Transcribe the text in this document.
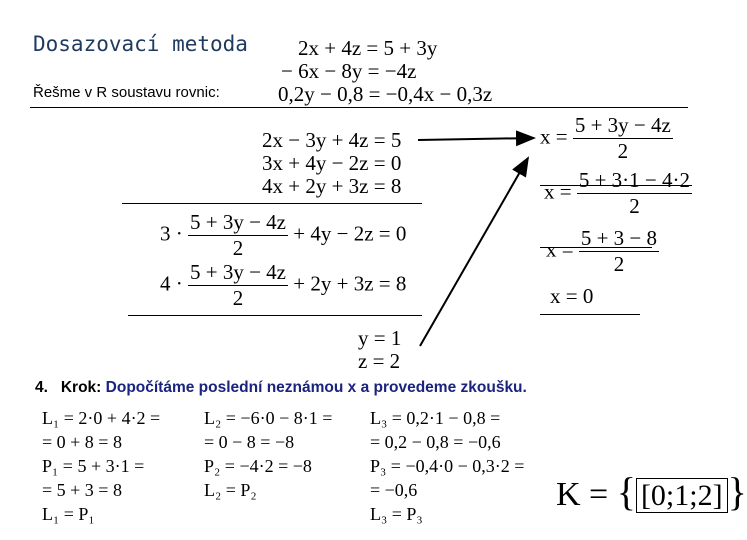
Dosazovací metoda
Řešme v R soustavu rovnic:
2x + 4z = 5 + 3y
− 6x − 8y = −4z
0,2y − 0,8 = −0,4x − 0,3z
2x − 3y + 4z = 5
3x + 4y − 2z = 0
4x + 2y + 3z = 8
$3 \cdot \frac{5 + 3y - 4z}{2} + 4y - 2z = 0$
$4 \cdot \frac{5 + 3y - 4z}{2} + 2y + 3z = 8$
y = 1
z = 2
$x = \frac{5 + 3y - 4z}{2}$
$x = \frac{5 + 3\cdot 1 - 4\cdot 2}{2}$
$x = \frac{5 + 3 - 8}{2}$
x = 0
4. Krok: Dopočítáme poslední neznámou x a provedeme zkoušku.
L₁ = 2·0 + 4·2 =
= 0 + 8 = 8
P₁ = 5 + 3·1 =
= 5 + 3 = 8
L₁ = P₁
L₂ = −6·0 − 8·1 =
= 0 − 8 = −8
P₂ = −4·2 = −8
L₂ = P₂
L₃ = 0,2·1 − 0,8 =
= 0,2 − 0,8 = −0,6
P₃ = −0,4·0 − 0,3·2 =
= −0,6
L₃ = P₃
K = { [0;1;2] }
